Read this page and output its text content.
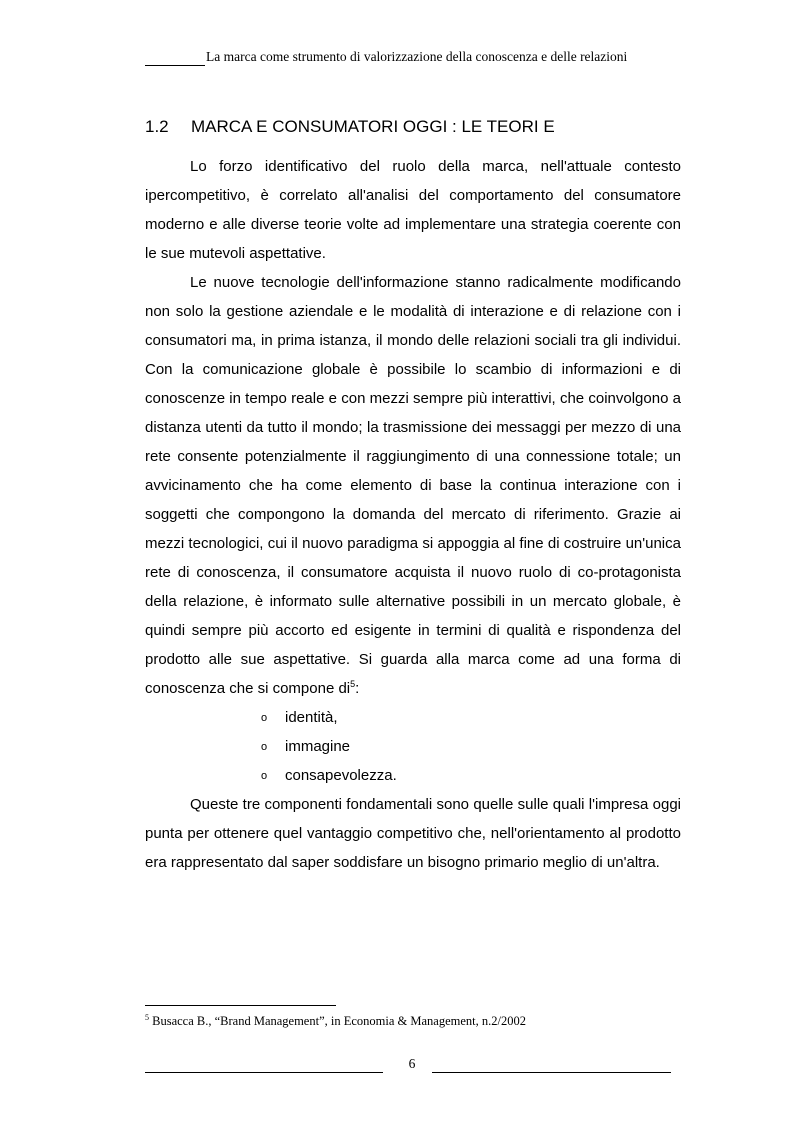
La marca come strumento di valorizzazione della conoscenza e delle relazioni
1.2 MARCA E CONSUMATORI OGGI : LE TEORI E

Lo forzo identificativo del ruolo della marca, nell'attuale contesto ipercompetitivo, è correlato all'analisi del comportamento del consumatore moderno e alle diverse teorie volte ad implementare una strategia coerente con le sue mutevoli aspettative.

Le nuove tecnologie dell'informazione stanno radicalmente modificando non solo la gestione aziendale e le modalità di interazione e di relazione con i consumatori ma, in prima istanza, il mondo delle relazioni sociali tra gli individui. Con la comunicazione globale è possibile lo scambio di informazioni e di conoscenze in tempo reale e con mezzi sempre più interattivi, che coinvolgono a distanza utenti da tutto il mondo; la trasmissione dei messaggi per mezzo di una rete consente potenzialmente il raggiungimento di una connessione totale; un avvicinamento che ha come elemento di base la continua interazione con i soggetti che compongono la domanda del mercato di riferimento. Grazie ai mezzi tecnologici, cui il nuovo paradigma si appoggia al fine di costruire un'unica rete di conoscenza, il consumatore acquista il nuovo ruolo di co-protagonista della relazione, è informato sulle alternative possibili in un mercato globale, è quindi sempre più accorto ed esigente in termini di qualità e rispondenza del prodotto alle sue aspettative. Si guarda alla marca come ad una forma di conoscenza che si compone $di^5$:

o identità,
o immagine
o consapevolezza.

Queste tre componenti fondamentali sono quelle sulle quali l'impresa oggi punta per ottenere quel vantaggio competitivo che, nell'orientamento al prodotto era rappresentato dal saper soddisfare un bisogno primario meglio di un'altra.

$^5$ Busacca B., “Brand Management”, in Economia & Management, n.2/2002
6
